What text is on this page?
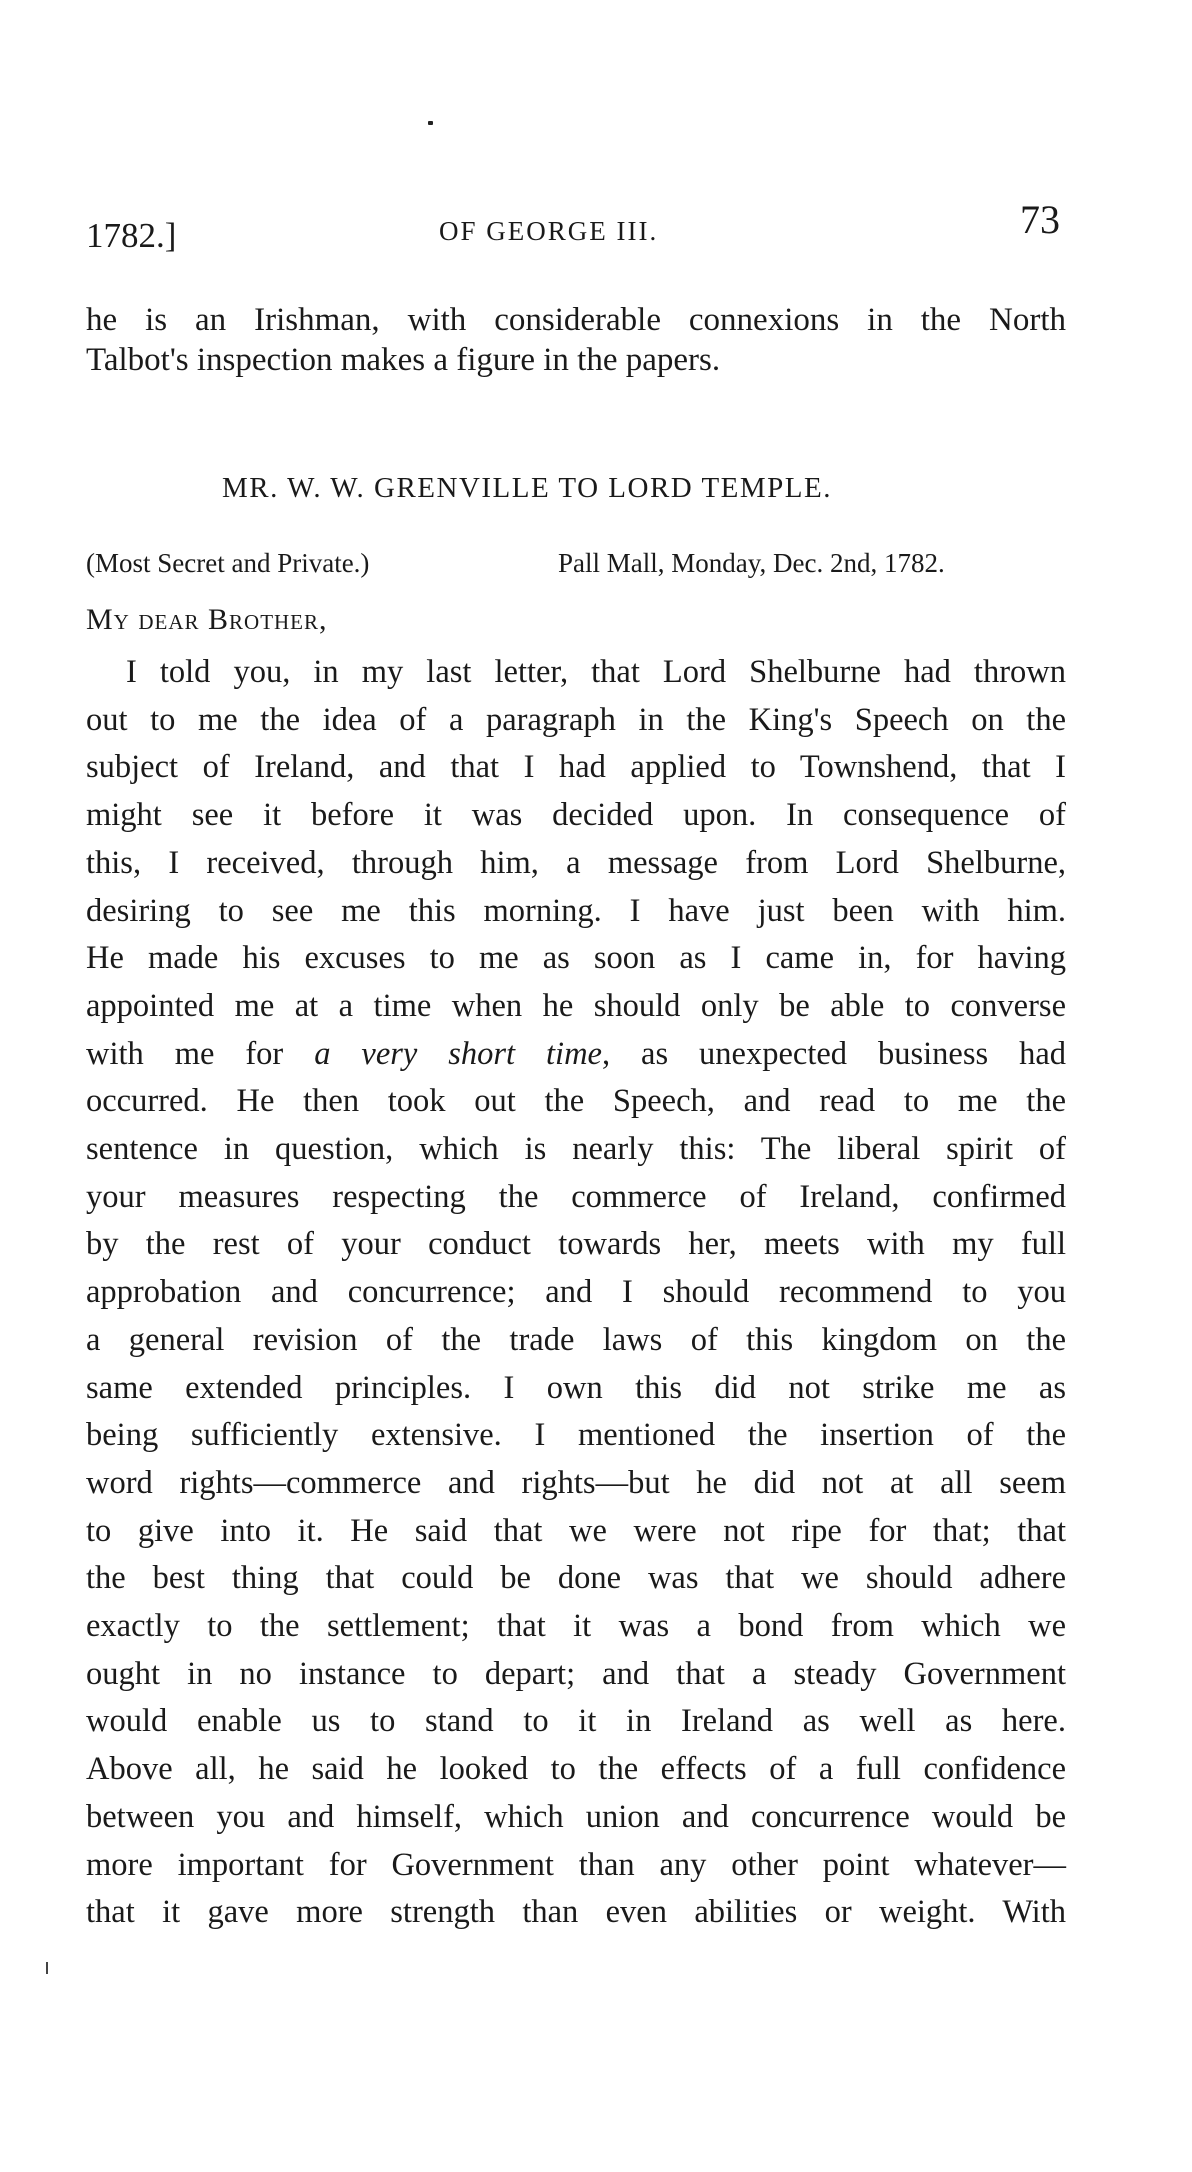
1782.]	OF GEORGE III.	73
he is an Irishman, with considerable connexions in the North
Talbot's inspection makes a figure in the papers.
MR. W. W. GRENVILLE TO LORD TEMPLE.
(Most Secret and Private.)	Pall Mall, Monday, Dec. 2nd, 1782.
My dear Brother,
I told you, in my last letter, that Lord Shelburne had thrown
out to me the idea of a paragraph in the King's Speech on the
subject of Ireland, and that I had applied to Townshend, that I
might see it before it was decided upon. In consequence of
this, I received, through him, a message from Lord Shelburne,
desiring to see me this morning. I have just been with him.
He made his excuses to me as soon as I came in, for having
appointed me at a time when he should only be able to converse
with me for a very short time, as unexpected business had
occurred. He then took out the Speech, and read to me the
sentence in question, which is nearly this: The liberal spirit of
your measures respecting the commerce of Ireland, confirmed
by the rest of your conduct towards her, meets with my full
approbation and concurrence; and I should recommend to you
a general revision of the trade laws of this kingdom on the
same extended principles. I own this did not strike me as
being sufficiently extensive. I mentioned the insertion of the
word rights—commerce and rights—but he did not at all seem
to give into it. He said that we were not ripe for that; that
the best thing that could be done was that we should adhere
exactly to the settlement; that it was a bond from which we
ought in no instance to depart; and that a steady Government
would enable us to stand to it in Ireland as well as here.
Above all, he said he looked to the effects of a full confidence
between you and himself, which union and concurrence would be
more important for Government than any other point whatever—
that it gave more strength than even abilities or weight. With
